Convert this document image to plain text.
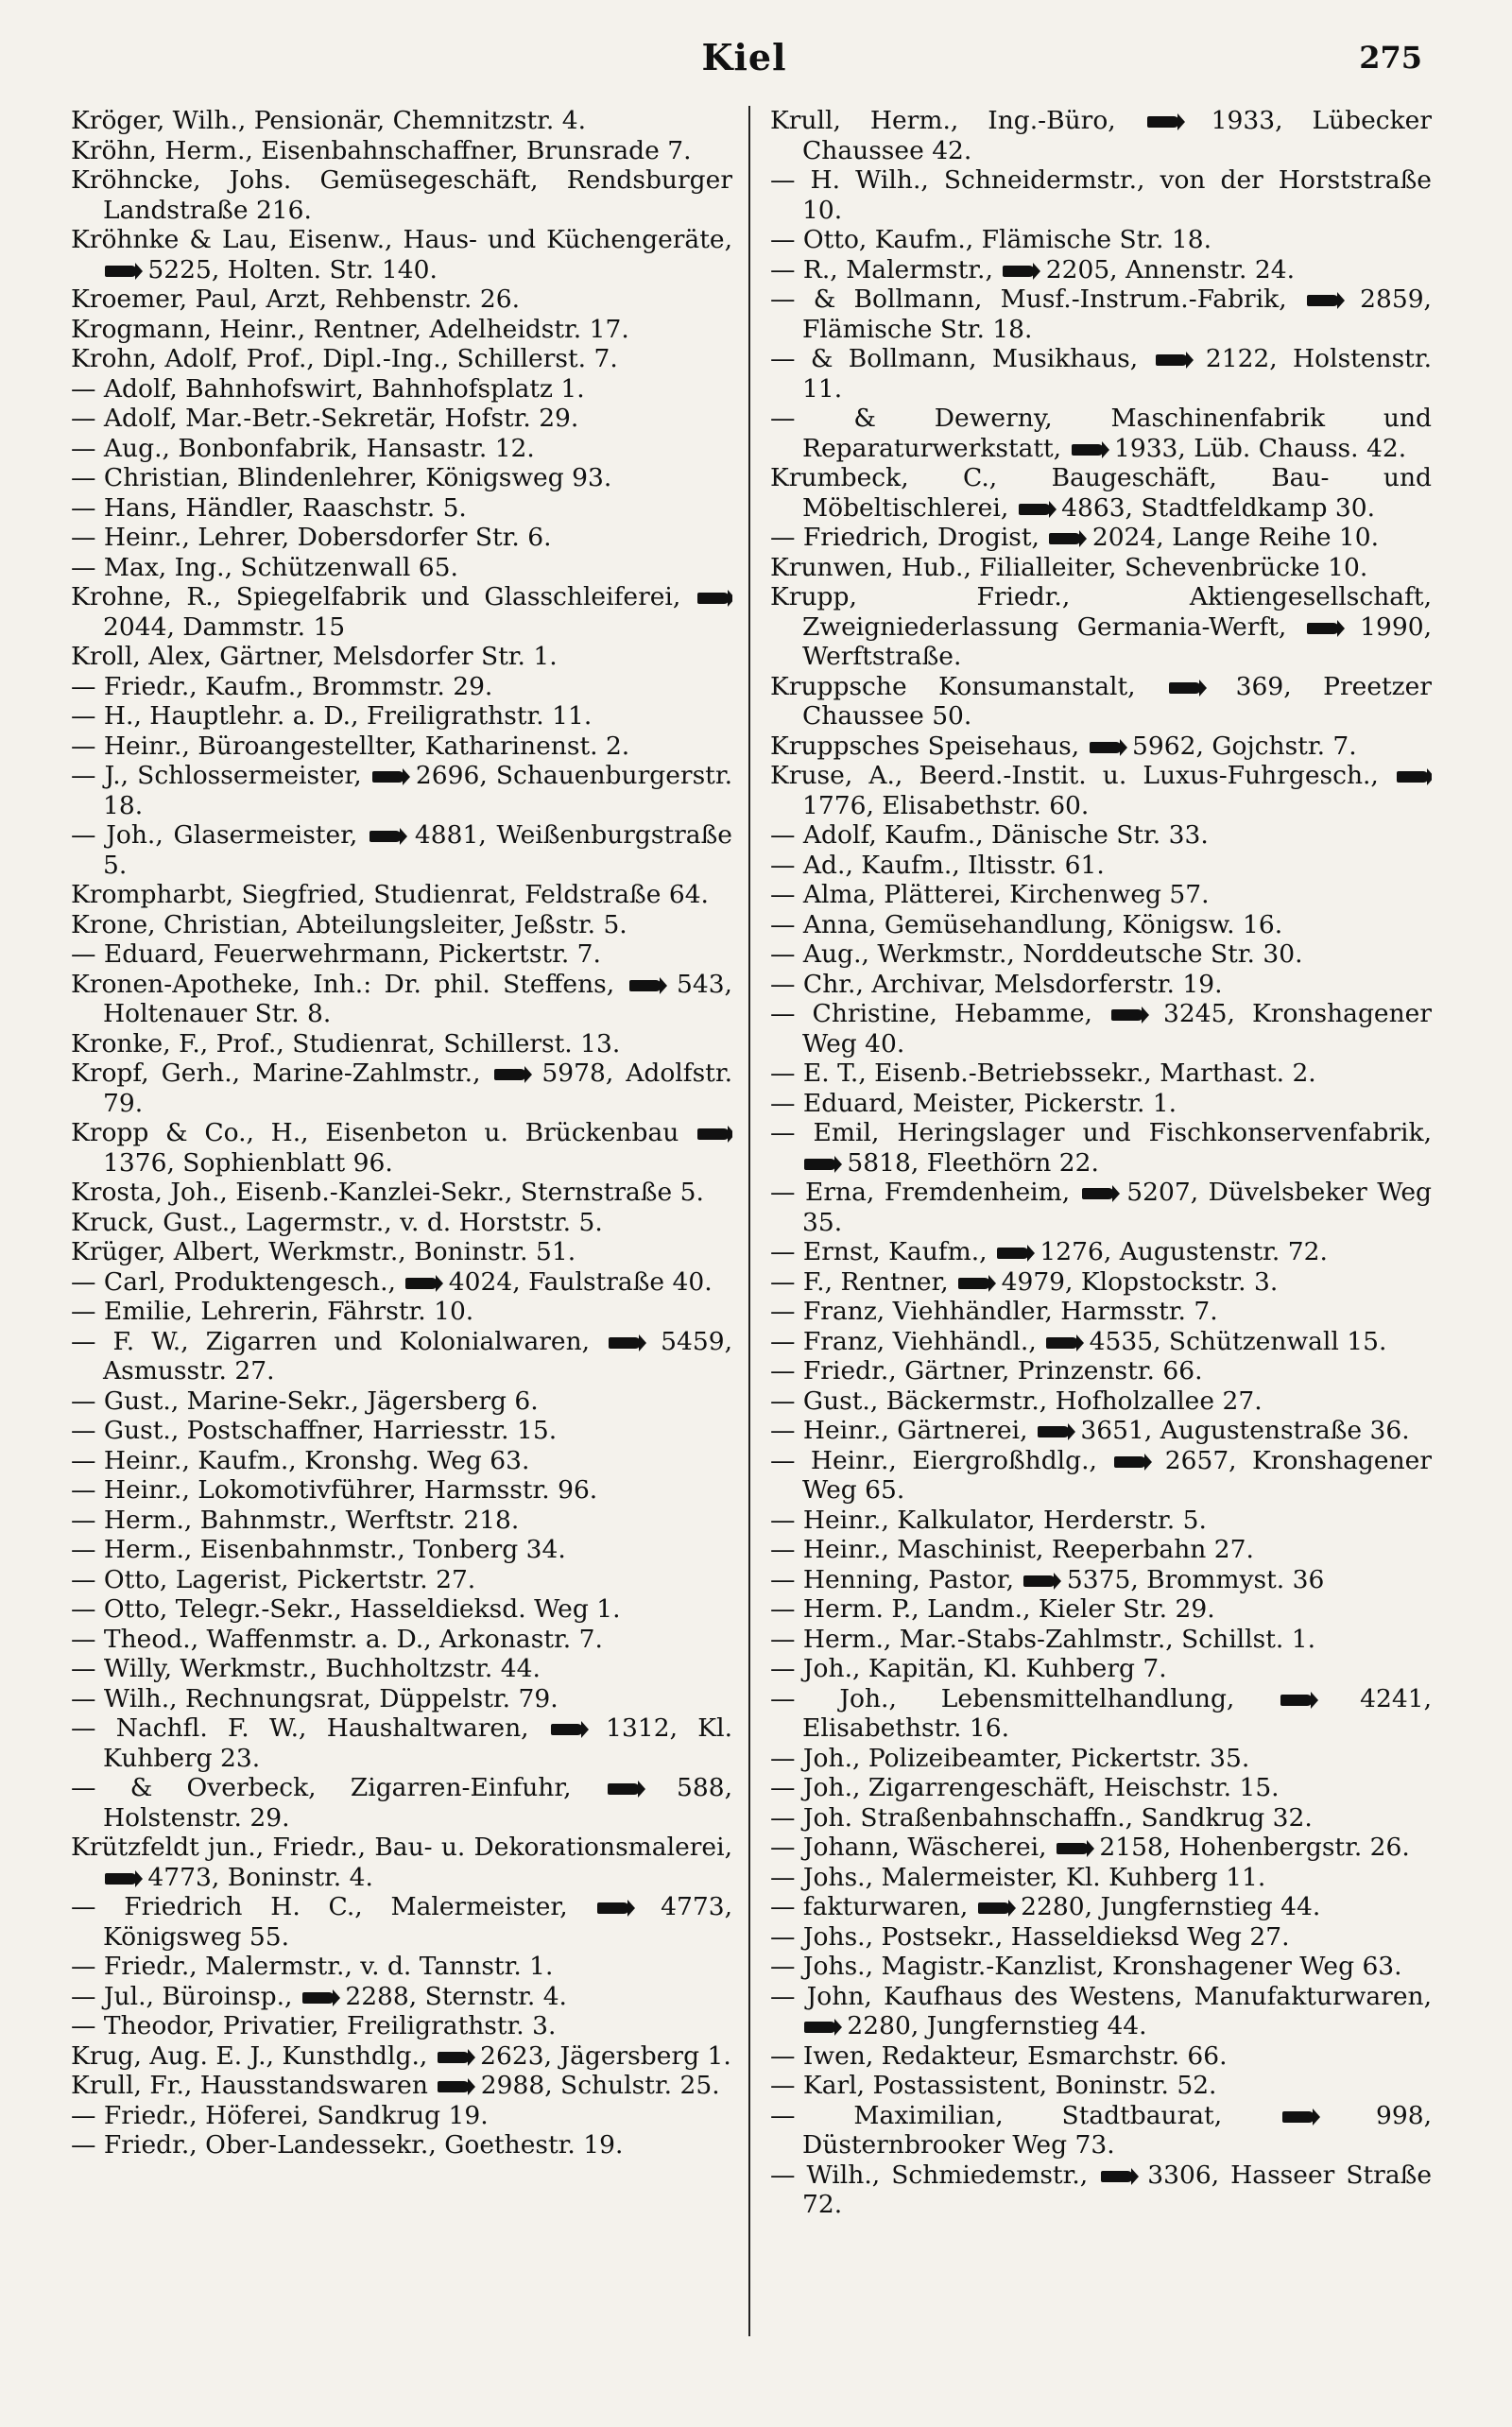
Kiel	275

Kröger, Wilh., Pensionär, Chemnitzstr. 4.

Kröhn, Herm., Eisenbahnschaffner, Brunsrade 7.

Kröhncke, Johs. Gemüsegeschäft, Rendsburger Landstraße 216.

Kröhnke & Lau, Eisenw., Haus- und Küchengeräte,  5225, Holten. Str. 140.

Kroemer, Paul, Arzt, Rehbenstr. 26.

Krogmann, Heinr., Rentner, Adelheidstr. 17.

Krohn, Adolf, Prof., Dipl.-Ing., Schillerst. 7.

— Adolf, Bahnhofswirt, Bahnhofsplatz 1.

— Adolf, Mar.-Betr.-Sekretär, Hofstr. 29.

— Aug., Bonbonfabrik, Hansastr. 12.

— Christian, Blindenlehrer, Königsweg 93.

— Hans, Händler, Raaschstr. 5.

— Heinr., Lehrer, Dobersdorfer Str. 6.

— Max, Ing., Schützenwall 65.

Krohne, R., Spiegelfabrik und Glasschleiferei,  2044, Dammstr. 15

Kroll, Alex, Gärtner, Melsdorfer Str. 1.

— Friedr., Kaufm., Brommstr. 29.

— H., Hauptlehr. a. D., Freiligrathstr. 11.

— Heinr., Büroangestellter, Katharinenst. 2.

— J., Schlossermeister,  2696, Schauenburgerstr. 18.

— Joh., Glasermeister,  4881, Weißenburgstraße 5.

Krompharbt, Siegfried, Studienrat, Feldstraße 64.

Krone, Christian, Abteilungsleiter, Jeßstr. 5.

— Eduard, Feuerwehrmann, Pickertstr. 7.

Kronen-Apotheke, Inh.: Dr. phil. Steffens,  543, Holtenauer Str. 8.

Kronke, F., Prof., Studienrat, Schillerst. 13.

Kropf, Gerh., Marine-Zahlmstr.,  5978, Adolfstr. 79.

Kropp & Co., H., Eisenbeton u. Brückenbau  1376, Sophienblatt 96.

Krosta, Joh., Eisenb.-Kanzlei-Sekr., Sternstraße 5.

Kruck, Gust., Lagermstr., v. d. Horststr. 5.

Krüger, Albert, Werkmstr., Boninstr. 51.

— Carl, Produktengesch.,  4024, Faulstraße 40.

— Emilie, Lehrerin, Fährstr. 10.

— F. W., Zigarren und Kolonialwaren,  5459, Asmusstr. 27.

— Gust., Marine-Sekr., Jägersberg 6.

— Gust., Postschaffner, Harriesstr. 15.

— Heinr., Kaufm., Kronshg. Weg 63.

— Heinr., Lokomotivführer, Harmsstr. 96.

— Herm., Bahnmstr., Werftstr. 218.

— Herm., Eisenbahnmstr., Tonberg 34.

— Otto, Lagerist, Pickertstr. 27.

— Otto, Telegr.-Sekr., Hasseldieksd. Weg 1.

— Theod., Waffenmstr. a. D., Arkonastr. 7.

— Willy, Werkmstr., Buchholtzstr. 44.

— Wilh., Rechnungsrat, Düppelstr. 79.

— Nachfl. F. W., Haushaltwaren,  1312, Kl. Kuhberg 23.

— & Overbeck, Zigarren-Einfuhr,  588, Holstenstr. 29.

Krützfeldt jun., Friedr., Bau- u. Dekorationsmalerei,  4773, Boninstr. 4.

— Friedrich H. C., Malermeister,  4773, Königsweg 55.

— Friedr., Malermstr., v. d. Tannstr. 1.

— Jul., Büroinsp.,  2288, Sternstr. 4.

— Theodor, Privatier, Freiligrathstr. 3.

Krug, Aug. E. J., Kunsthdlg.,  2623, Jägersberg 1.

Krull, Fr., Hausstandswaren  2988, Schulstr. 25.

— Friedr., Höferei, Sandkrug 19.

— Friedr., Ober-Landessekr., Goethestr. 19.

Krull, Herm., Ing.-Büro,  1933, Lübecker Chaussee 42.

— H. Wilh., Schneidermstr., von der Horststraße 10.

— Otto, Kaufm., Flämische Str. 18.

— R., Malermstr.,  2205, Annenstr. 24.

— & Bollmann, Musf.-Instrum.-Fabrik,  2859, Flämische Str. 18.

— & Bollmann, Musikhaus,  2122, Holstenstr. 11.

— & Dewerny, Maschinenfabrik und Reparaturwerkstatt,  1933, Lüb. Chauss. 42.

Krumbeck, C., Baugeschäft, Bau- und Möbeltischlerei,  4863, Stadtfeldkamp 30.

— Friedrich, Drogist,  2024, Lange Reihe 10.

Krunwen, Hub., Filialleiter, Schevenbrücke 10.

Krupp, Friedr., Aktiengesellschaft, Zweigniederlassung Germania-Werft,  1990, Werftstraße.

Kruppsche Konsumanstalt,  369, Preetzer Chaussee 50.

Kruppsches Speisehaus,  5962, Gojchstr. 7.

Kruse, A., Beerd.-Instit. u. Luxus-Fuhrgesch.,  1776, Elisabethstr. 60.

— Adolf, Kaufm., Dänische Str. 33.

— Ad., Kaufm., Iltisstr. 61.

— Alma, Plätterei, Kirchenweg 57.

— Anna, Gemüsehandlung, Königsw. 16.

— Aug., Werkmstr., Norddeutsche Str. 30.

— Chr., Archivar, Melsdorferstr. 19.

— Christine, Hebamme,  3245, Kronshagener Weg 40.

— E. T., Eisenb.-Betriebssekr., Marthast. 2.

— Eduard, Meister, Pickerstr. 1.

— Emil, Heringslager und Fischkonservenfabrik,  5818, Fleethörn 22.

— Erna, Fremdenheim,  5207, Düvelsbeker Weg 35.

— Ernst, Kaufm.,  1276, Augustenstr. 72.

— F., Rentner,  4979, Klopstockstr. 3.

— Franz, Viehhändler, Harmsstr. 7.

— Franz, Viehhändl.,  4535, Schützenwall 15.

— Friedr., Gärtner, Prinzenstr. 66.

— Gust., Bäckermstr., Hofholzallee 27.

— Heinr., Gärtnerei,  3651, Augustenstraße 36.

— Heinr., Eiergroßhdlg.,  2657, Kronshagener Weg 65.

— Heinr., Kalkulator, Herderstr. 5.

— Heinr., Maschinist, Reeperbahn 27.

— Henning, Pastor,  5375, Brommyst. 36

— Herm. P., Landm., Kieler Str. 29.

— Herm., Mar.-Stabs-Zahlmstr., Schillst. 1.

— Joh., Kapitän, Kl. Kuhberg 7.

— Joh., Lebensmittelhandlung,  4241, Elisabethstr. 16.

— Joh., Polizeibeamter, Pickertstr. 35.

— Joh., Zigarrengeschäft, Heischstr. 15.

— Joh. Straßenbahnschaffn., Sandkrug 32.

— Johann, Wäscherei,  2158, Hohenbergstr. 26.

— Johs., Malermeister, Kl. Kuhberg 11.

— fakturwaren,  2280, Jungfernstieg 44.

— Johs., Postsekr., Hasseldieksd Weg 27.

— Johs., Magistr.-Kanzlist, Kronshagener Weg 63.

— John, Kaufhaus des Westens, Manufakturwaren,  2280, Jungfernstieg 44.

— Iwen, Redakteur, Esmarchstr. 66.

— Karl, Postassistent, Boninstr. 52.

— Maximilian, Stadtbaurat,  998, Düsternbrooker Weg 73.

— Wilh., Schmiedemstr.,  3306, Hasseer Straße 72.
